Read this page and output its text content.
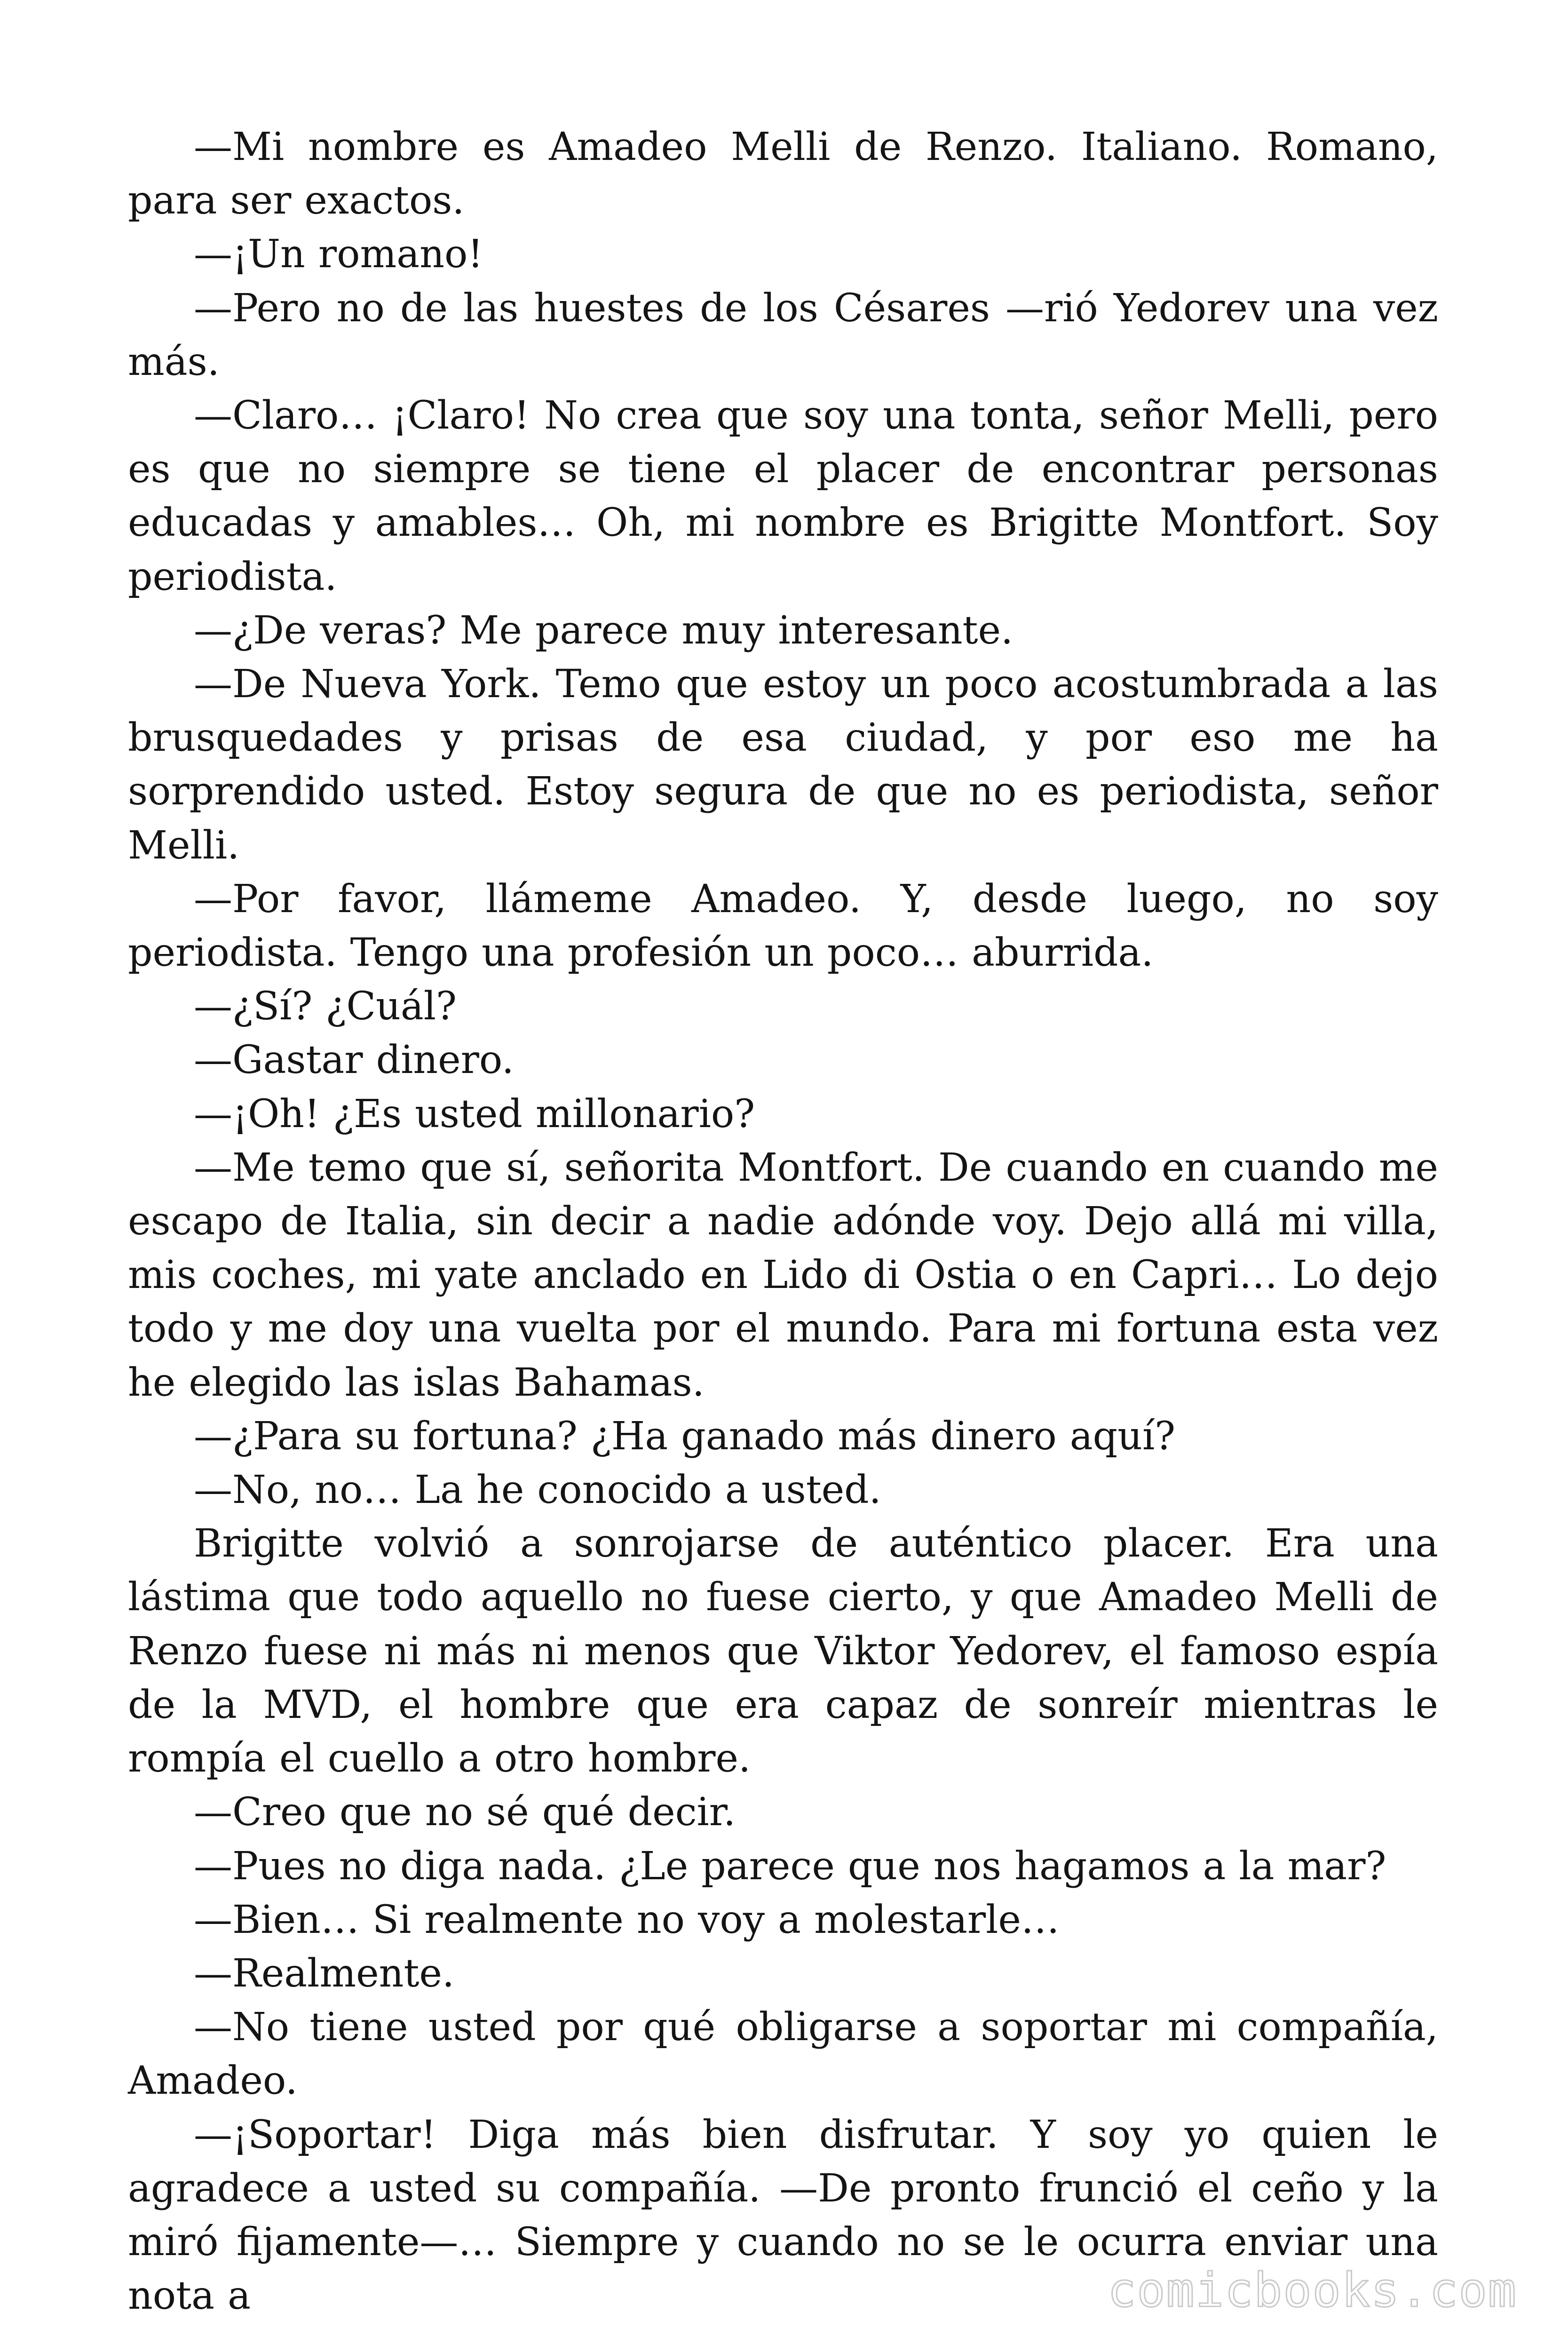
—Mi nombre es Amadeo Melli de Renzo. Italiano. Romano, para ser exactos.

—¡Un romano!

—Pero no de las huestes de los Césares —rió Yedorev una vez más.

—Claro… ¡Claro! No crea que soy una tonta, señor Melli, pero es que no siempre se tiene el placer de encontrar personas educadas y amables… Oh, mi nombre es Brigitte Montfort. Soy periodista.

—¿De veras? Me parece muy interesante.

—De Nueva York. Temo que estoy un poco acostumbrada a las brusquedades y prisas de esa ciudad, y por eso me ha sorprendido usted. Estoy segura de que no es periodista, señor Melli.

—Por favor, llámeme Amadeo. Y, desde luego, no soy periodista. Tengo una profesión un poco… aburrida.

—¿Sí? ¿Cuál?

—Gastar dinero.

—¡Oh! ¿Es usted millonario?

—Me temo que sí, señorita Montfort. De cuando en cuando me escapo de Italia, sin decir a nadie adónde voy. Dejo allá mi villa, mis coches, mi yate anclado en Lido di Ostia o en Capri… Lo dejo todo y me doy una vuelta por el mundo. Para mi fortuna esta vez he elegido las islas Bahamas.

—¿Para su fortuna? ¿Ha ganado más dinero aquí?

—No, no… La he conocido a usted.

Brigitte volvió a sonrojarse de auténtico placer. Era una lástima que todo aquello no fuese cierto, y que Amadeo Melli de Renzo fuese ni más ni menos que Viktor Yedorev, el famoso espía de la MVD, el hombre que era capaz de sonreír mientras le rompía el cuello a otro hombre.

—Creo que no sé qué decir.

—Pues no diga nada. ¿Le parece que nos hagamos a la mar?

—Bien… Si realmente no voy a molestarle…

—Realmente.

—No tiene usted por qué obligarse a soportar mi compañía, Amadeo.

—¡Soportar! Diga más bien disfrutar. Y soy yo quien le agradece a usted su compañía. —De pronto frunció el ceño y la miró fijamente—… Siempre y cuando no se le ocurra enviar una nota a	comicbooks.com
